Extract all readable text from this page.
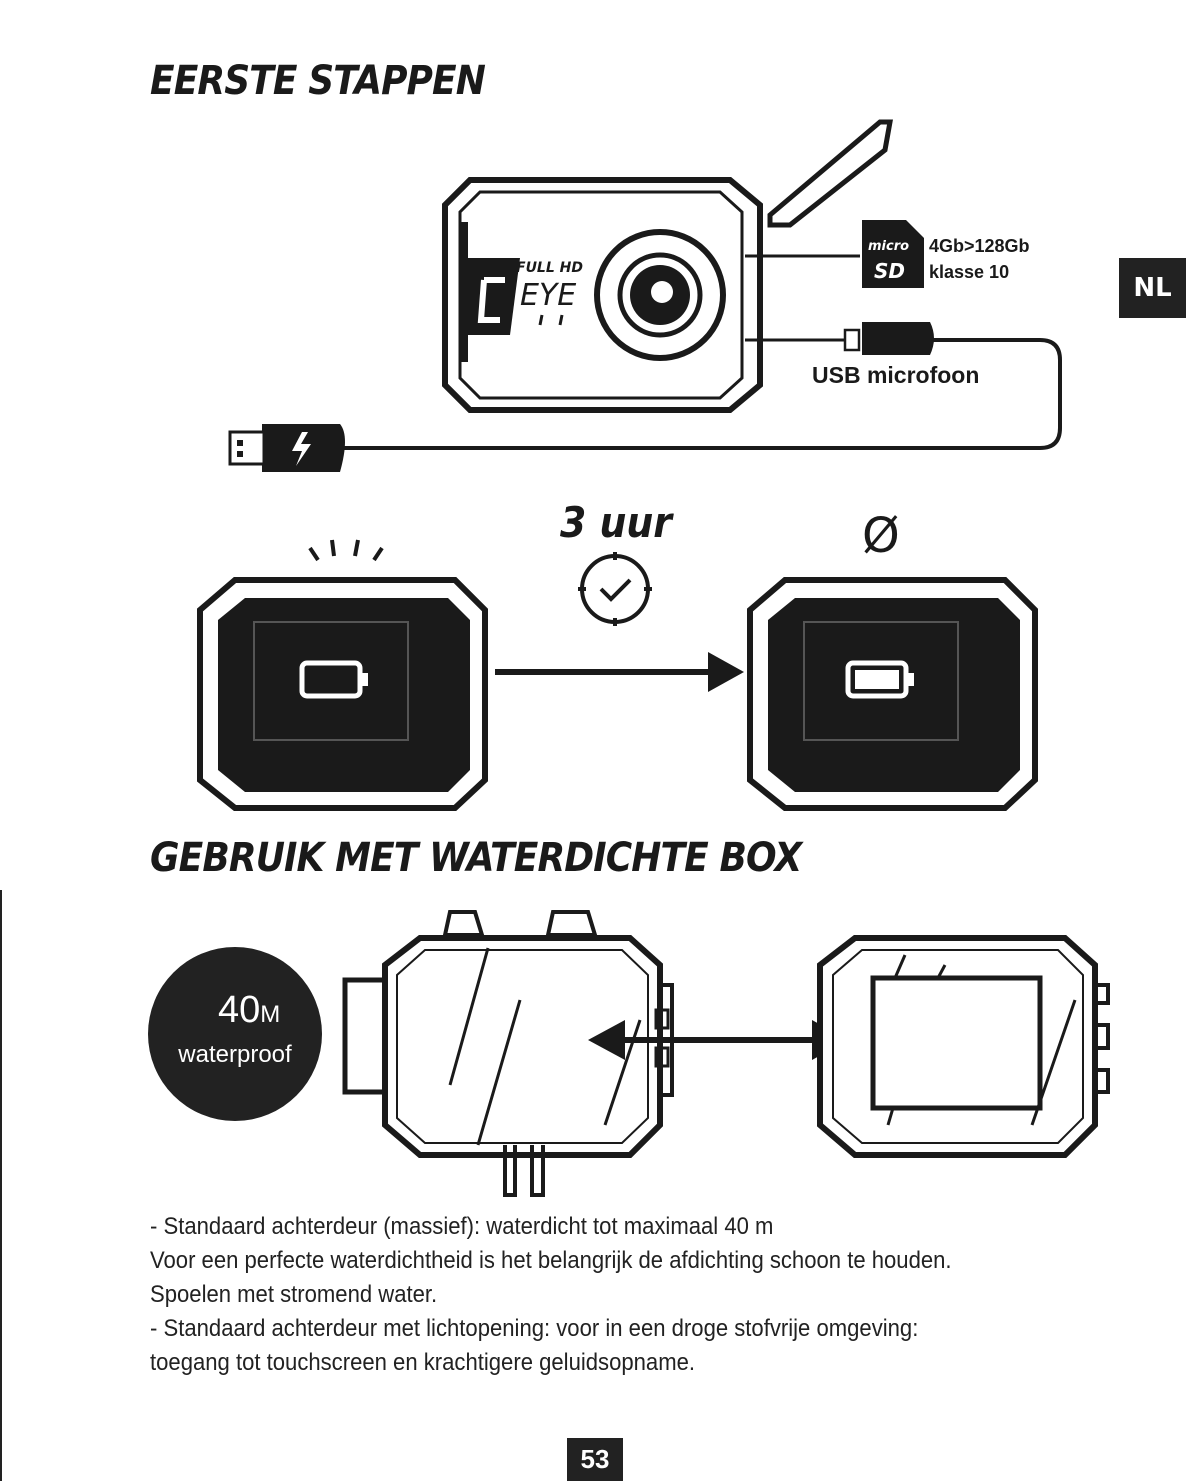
EERSTE STAPPEN
NL
micro
SD
FULL HD
EYE
4Gb>128Gb
klasse 10
USB microfoon
3 uur	Ø
GEBRUIK MET WATERDICHTE BOX
40M
waterproof

- Standaard achterdeur (massief): waterdicht tot maximaal 40 m

Voor een perfecte waterdichtheid is het belangrijk de afdichting schoon te houden.

Spoelen met stromend water.

- Standaard achterdeur met lichtopening: voor in een droge stofvrije omgeving:

toegang tot touchscreen en krachtigere geluidsopname.

53
